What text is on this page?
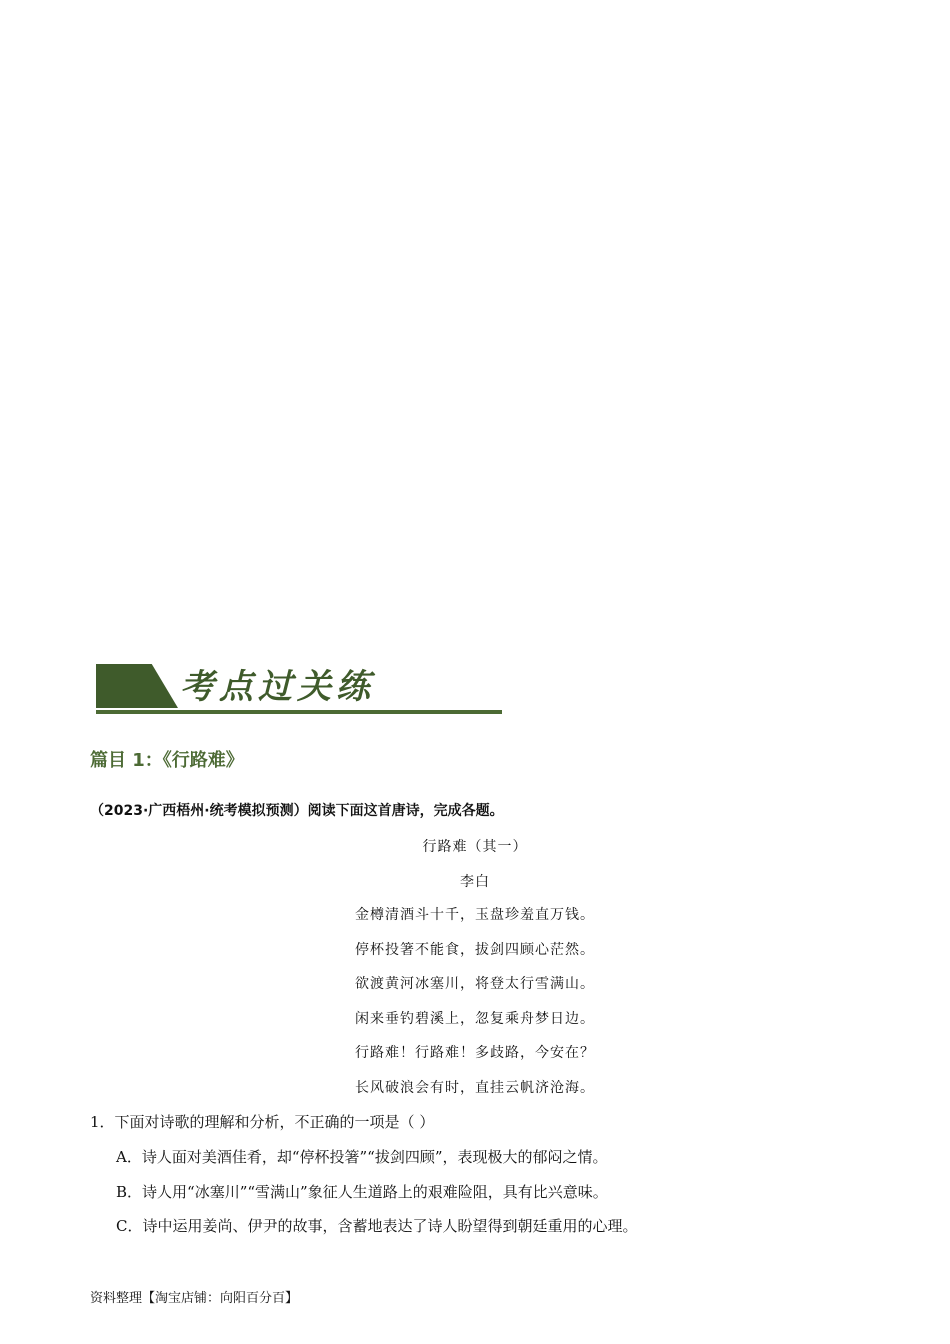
考点过关练
篇目 1：《行路难》
（2023·广西梧州·统考模拟预测）阅读下面这首唐诗，完成各题。
行路难（其一）
李白
金樽清酒斗十千，玉盘珍羞直万钱。
停杯投箸不能食，拔剑四顾心茫然。
欲渡黄河冰塞川，将登太行雪满山。
闲来垂钓碧溪上，忽复乘舟梦日边。
行路难！行路难！多歧路，今安在？
长风破浪会有时，直挂云帆济沧海。
1．下面对诗歌的理解和分析，不正确的一项是（ ）
A．诗人面对美酒佳肴，却“停杯投箸”“拔剑四顾”，表现极大的郁闷之情。
B．诗人用“冰塞川”“雪满山”象征人生道路上的艰难险阻，具有比兴意味。
C．诗中运用姜尚、伊尹的故事，含蓄地表达了诗人盼望得到朝廷重用的心理。
资料整理【淘宝店铺：向阳百分百】
